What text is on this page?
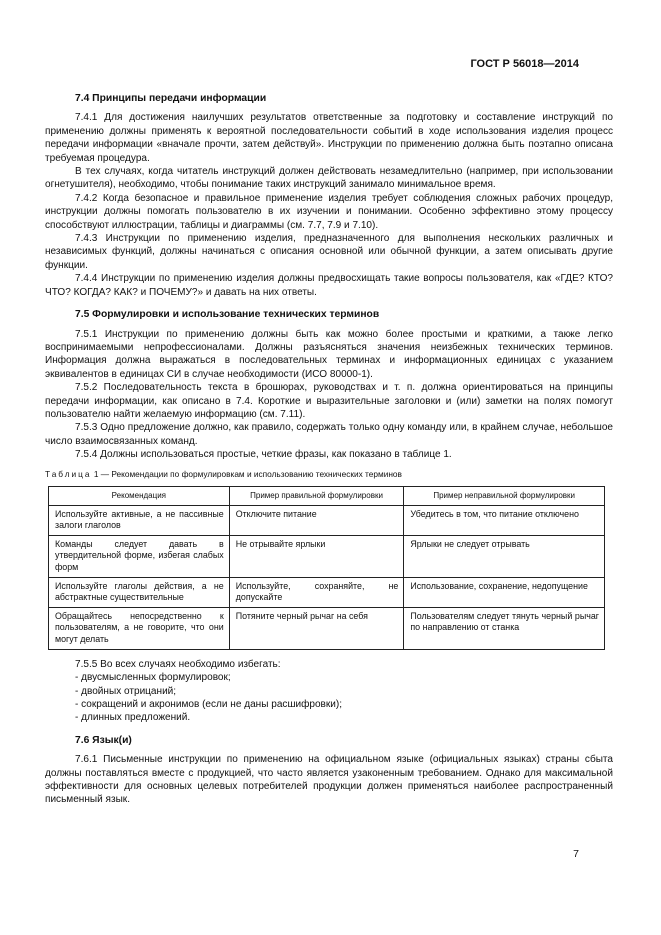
ГОСТ Р 56018—2014
7.4 Принципы передачи информации

7.4.1 Для достижения наилучших результатов ответственные за подготовку и составление инструкций по применению должны применять к вероятной последовательности событий в ходе использования изделия процесс передачи информации «вначале прочти, затем действуй». Инструкции по применению должна быть поэтапно описана требуемая процедура.

В тех случаях, когда читатель инструкций должен действовать незамедлительно (например, при использовании огнетушителя), необходимо, чтобы понимание таких инструкций занимало минимальное время.

7.4.2 Когда безопасное и правильное применение изделия требует соблюдения сложных рабочих процедур, инструкции должны помогать пользователю в их изучении и понимании. Особенно эффективно этому процессу способствуют иллюстрации, таблицы и диаграммы (см. 7.7, 7.9 и 7.10).

7.4.3 Инструкции по применению изделия, предназначенного для выполнения нескольких различных и независимых функций, должны начинаться с описания основной или обычной функции, а затем описывать другие функции.

7.4.4 Инструкции по применению изделия должны предвосхищать такие вопросы пользователя, как «ГДЕ? КТО? ЧТО? КОГДА? КАК? и ПОЧЕМУ?» и давать на них ответы.

7.5 Формулировки и использование технических терминов

7.5.1 Инструкции по применению должны быть как можно более простыми и краткими, а также легко воспринимаемыми непрофессионалами. Должны разъясняться значения неизбежных технических терминов. Информация должна выражаться в последовательных терминах и информационных единицах с указанием эквивалентов в единицах СИ в случае необходимости (ИСО 80000-1).

7.5.2 Последовательность текста в брошюрах, руководствах и т. п. должна ориентироваться на принципы передачи информации, как описано в 7.4. Короткие и выразительные заголовки и (или) заметки на полях помогут пользователю найти желаемую информацию (см. 7.11).

7.5.3 Одно предложение должно, как правило, содержать только одну команду или, в крайнем случае, небольшое число взаимосвязанных команд.

7.5.4 Должны использоваться простые, четкие фразы, как показано в таблице 1.

Таблица 1 — Рекомендации по формулировкам и использованию технических терминов
Рекомендация	Пример правильной формулировки	Пример неправильной формулировки
Используйте активные, а не пассивные залоги глаголов	Отключите питание	Убедитесь в том, что питание отключено
Команды следует давать в утвердительной форме, избегая слабых форм	Не отрывайте ярлыки	Ярлыки не следует отрывать
Используйте глаголы действия, а не абстрактные существительные	Используйте, сохраняйте, не допускайте	Использование, сохранение, недопущение
Обращайтесь непосредственно к пользователям, а не говорите, что они могут делать	Потяните черный рычаг на себя	Пользователям следует тянуть черный рычаг по направлению от станка

7.5.5 Во всех случаях необходимо избегать:

- двусмысленных формулировок;
- двойных отрицаний;
- сокращений и акронимов (если не даны расшифровки);
- длинных предложений.
7.6 Язык(и)

7.6.1 Письменные инструкции по применению на официальном языке (официальных языках) страны сбыта должны поставляться вместе с продукцией, что часто является узаконенным требованием. Однако для максимальной эффективности для основных целевых потребителей продукции должен применяться наиболее распространенный письменный язык.

7
